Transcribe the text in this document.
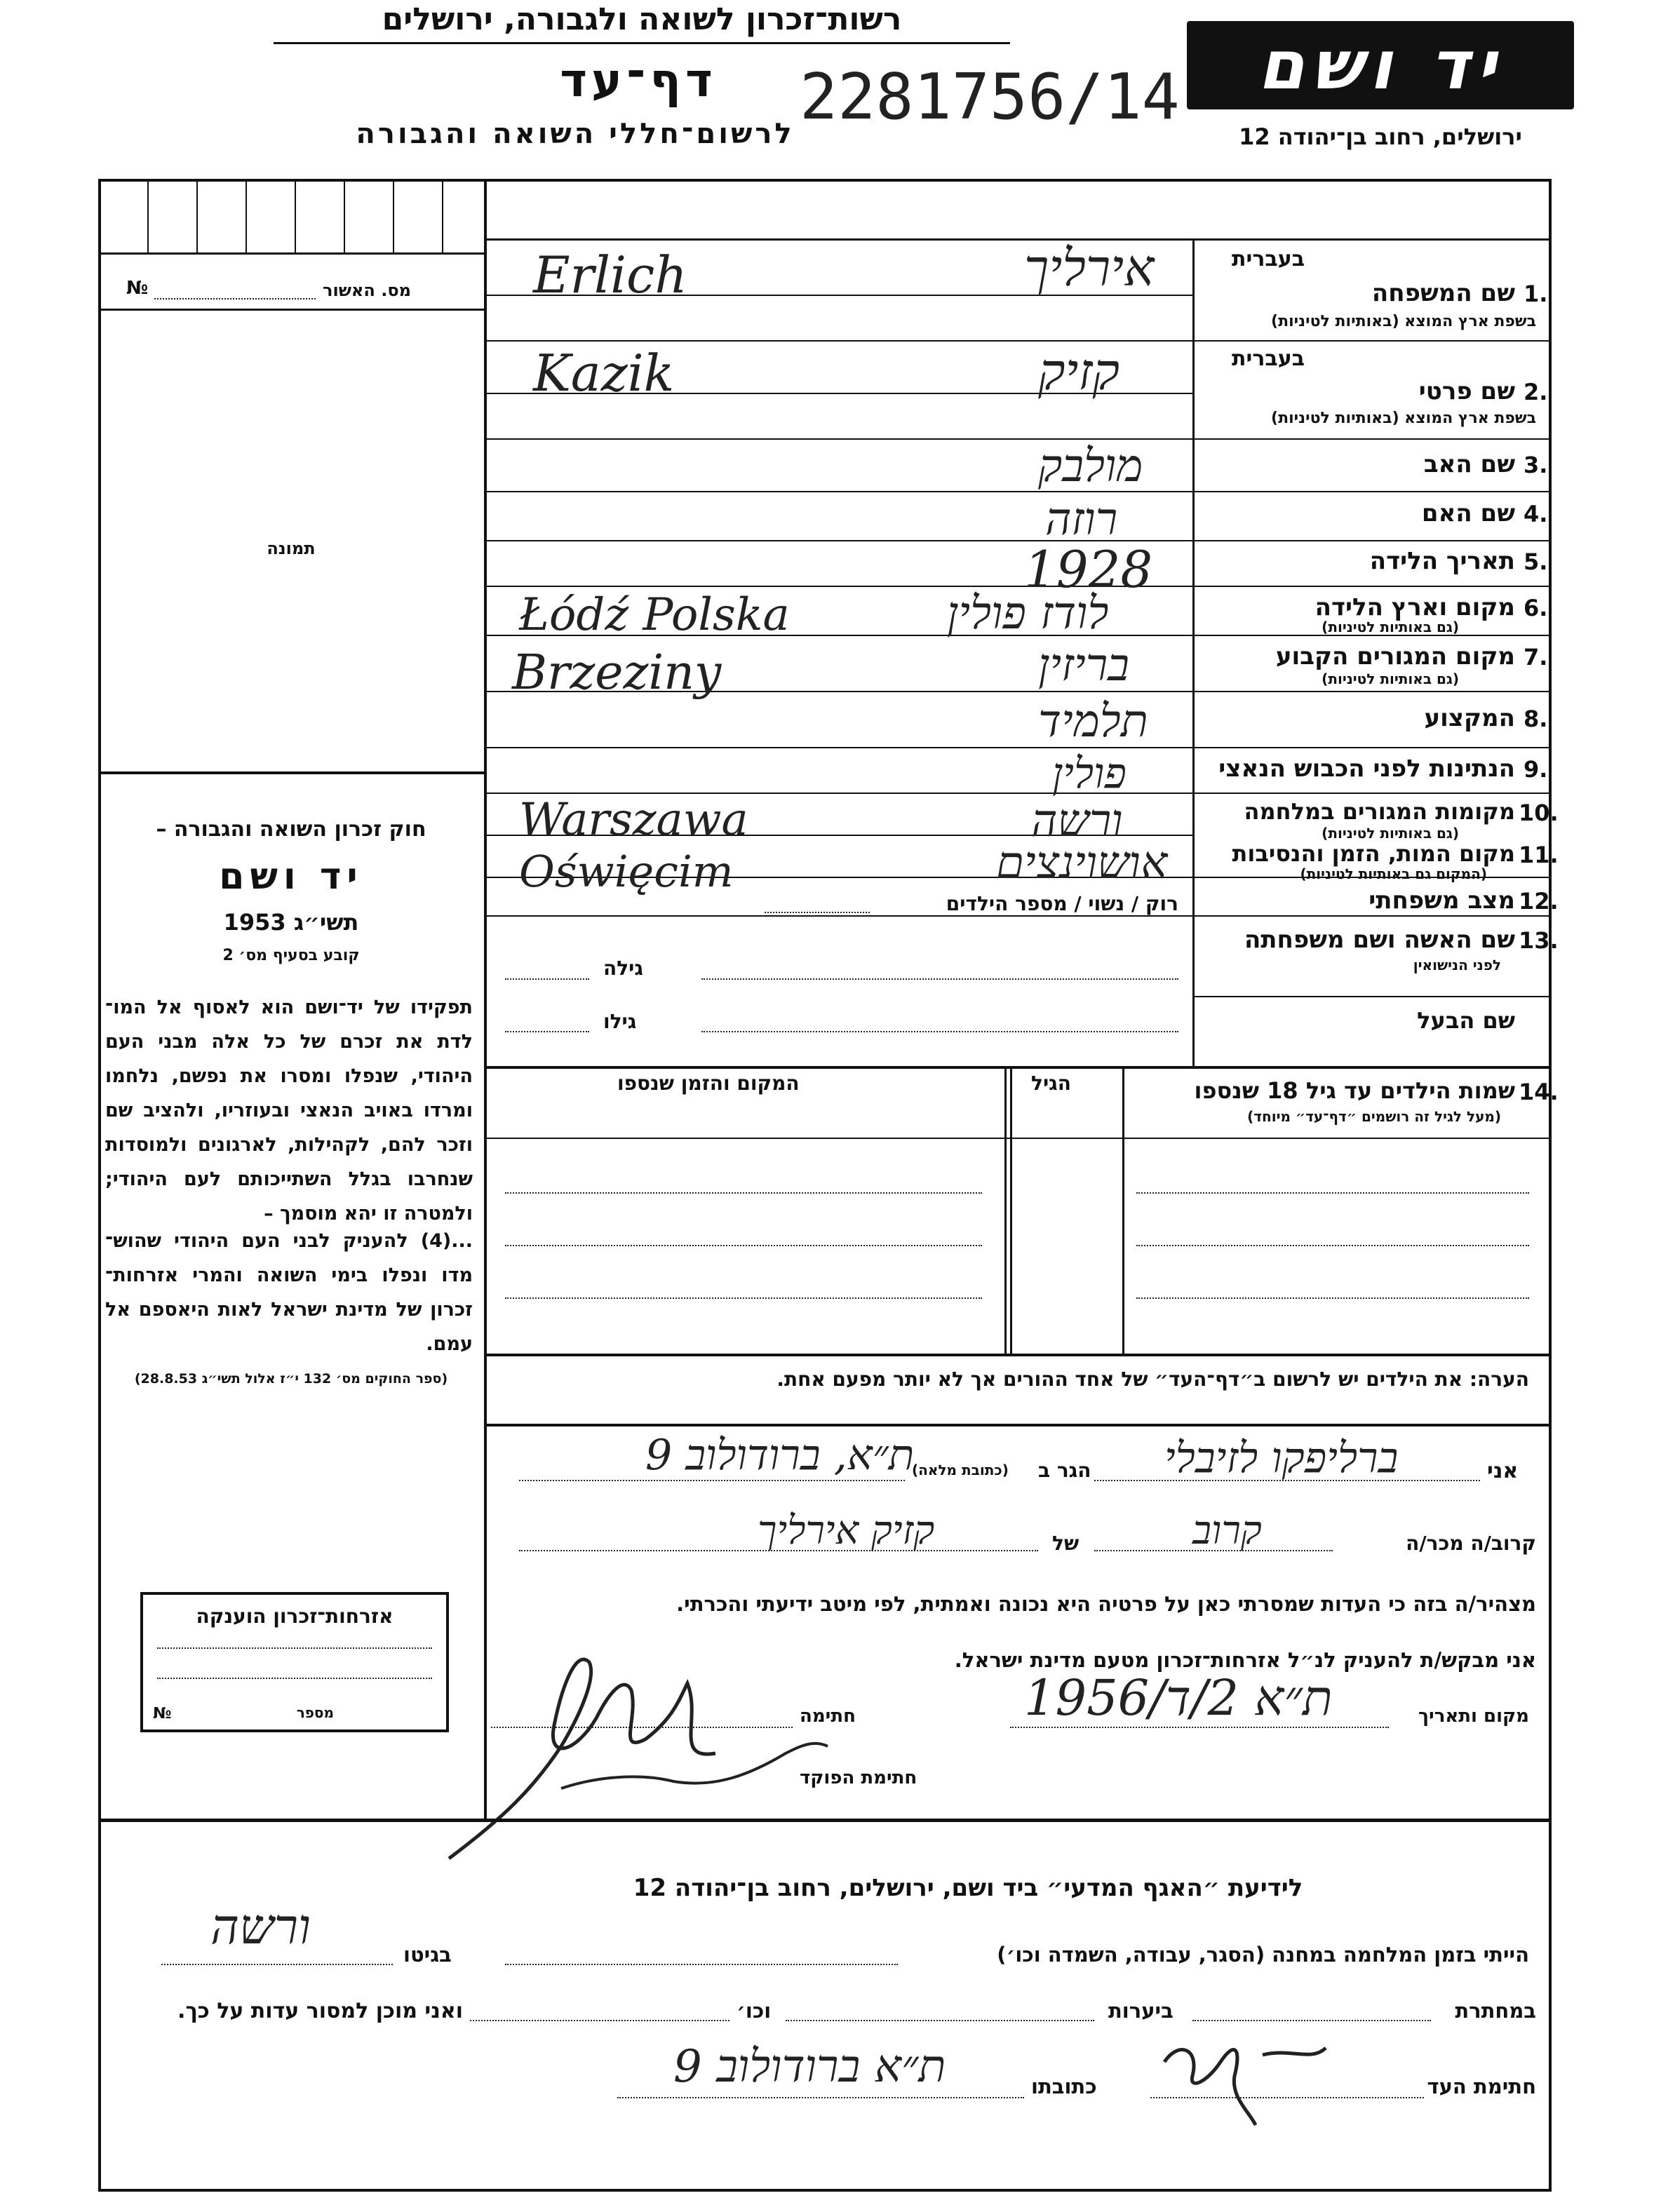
רשות־זכרון לשואה ולגבורה, ירושלים
דף־עד	2281756/14
לרשום־חללי השואה והגבורה
יד ושם
ירושלים, רחוב בן־יהודה 12
מס. האשור
№
תמונה
חוק זכרון השואה והגבורה –
יד ושם
תשי״ג 1953
קובע בסעיף מס׳ 2
תפקידו של יד־ושם הוא לאסוף אל המו־ לדת את זכרם של כל אלה מבני העם היהודי, שנפלו ומסרו את נפשם, נלחמו ומרדו באויב הנאצי ובעוזריו, ולהציב שם וזכר להם, לקהילות, לארגונים ולמוסדות שנחרבו בגלל השתייכותם לעם היהודי; ולמטרה זו יהא מוסמך –
...(4) להעניק לבני העם היהודי שהוש־ מדו ונפלו בימי השואה והמרי אזרחות־ זכרון של מדינת ישראל לאות היאספם אל עמם.
(ספר החוקים מס׳ 132 י״ז אלול תשי״ג 28.8.53)
אזרחות־זכרון הוענקה
מספר
№
1.
שם המשפחה
בשפת ארץ המוצא (באותיות לטיניות)
בעברית
אירליך
Erlich
2.
שם פרטי
בשפת ארץ המוצא (באותיות לטיניות)
בעברית
קזיק
Kazik
3.
שם האב
מולבק
4.
שם האם
רוזה
5.
תאריך הלידה
1928
6.
מקום וארץ הלידה
(גם באותיות לטיניות)
לודז פולין
Łódź Polska
7.
מקום המגורים הקבוע
(גם באותיות לטיניות)
בריזין
Brzeziny
8.
המקצוע
תלמיד
9.
הנתינות לפני הכבוש הנאצי
פולין
10.
מקומות המגורים במלחמה
(גם באותיות לטיניות)
ורשה
Warszawa
11.
מקום המות, הזמן והנסיבות
(המקום גם באותיות לטיניות)
אושוינצים
Oświęcim
12.
מצב משפחתי
רוק / נשוי / מספר הילדים
13.
שם האשה ושם משפחתה
לפני הנישואין
גילה
שם הבעל
גילו
14.
שמות הילדים עד גיל 18 שנספו
(מעל לגיל זה רושמים ״דף־עד״ מיוחד)
הגיל
המקום והזמן שנספו
הערה: את הילדים יש לרשום ב״דף־העד״ של אחד ההורים אך לא יותר מפעם אחת.
אני
ברליפקו לזיבלי
הגר ב
(כתובת מלאה)
ת״א, ברודולוב 9
קרוב/ה מכר/ה
קרוב
של
קזיק אירליך
מצהיר/ה בזה כי העדות שמסרתי כאן על פרטיה היא נכונה ואמתית, לפי מיטב ידיעתי והכרתי.
אני מבקש/ת להעניק לנ״ל אזרחות־זכרון מטעם מדינת ישראל.
מקום ותאריך
ת״א 2/ד/1956
חתימה
חתימת הפוקד
לידיעת ״האגף המדעי״ ביד ושם, ירושלים, רחוב בן־יהודה 12
הייתי בזמן המלחמה במחנה (הסגר, עבודה, השמדה וכו׳)
בגיטו
ורשה
במחתרת
ביערות
וכו׳
ואני מוכן למסור עדות על כך.
חתימת העד
כתובתו
ת״א ברודולוב 9
